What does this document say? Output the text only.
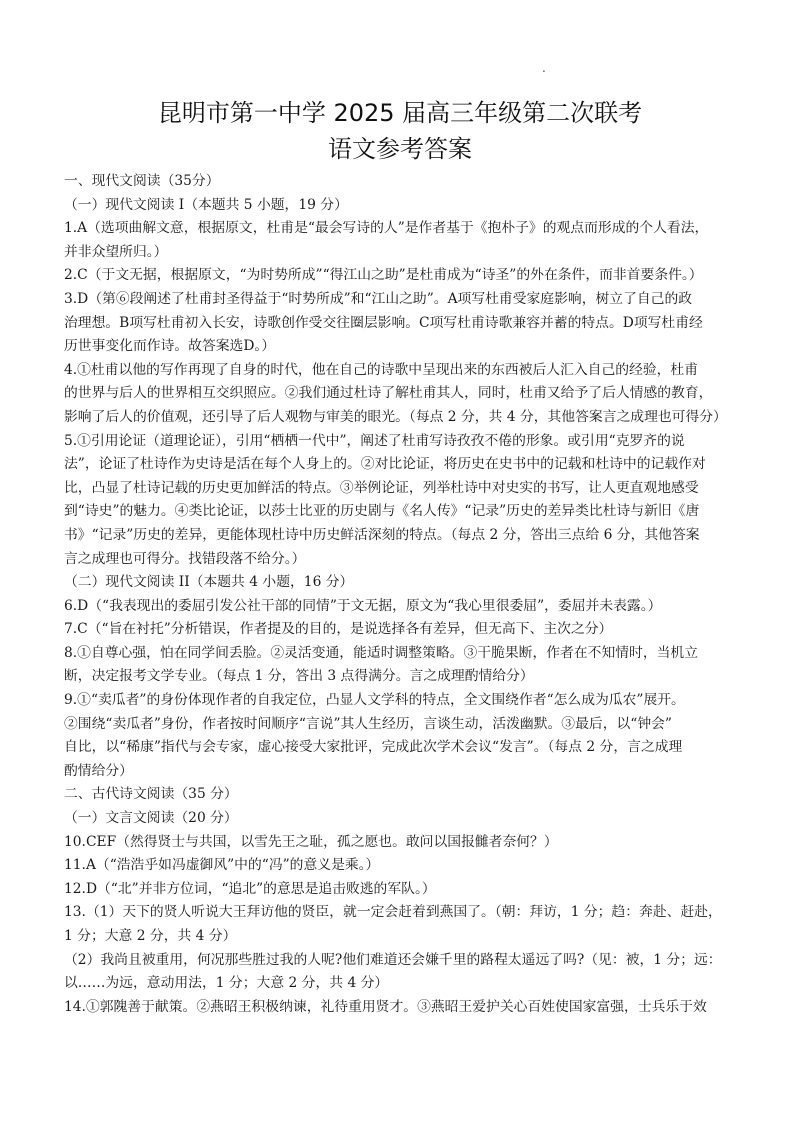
.
昆明市第一中学 2025 届高三年级第二次联考
语文参考答案
一、现代文阅读（35分）
（一）现代文阅读 I（本题共 5 小题，19 分）
1.A（选项曲解文意，根据原文，杜甫是“最会写诗的人”是作者基于《抱朴子》的观点而形成的个人看法，
并非众望所归。）
2.C（于文无据，根据原文，“为时势所成”“得江山之助”是杜甫成为“诗圣”的外在条件，而非首要条件。）
3.D（第⑥段阐述了杜甫封圣得益于“时势所成”和“江山之助”。A项写杜甫受家庭影响，树立了自己的政
治理想。B项写杜甫初入长安，诗歌创作受交往圈层影响。C项写杜甫诗歌兼容并蓄的特点。D项写杜甫经
历世事变化而作诗。故答案选D。）
4.①杜甫以他的写作再现了自身的时代，他在自己的诗歌中呈现出来的东西被后人汇入自己的经验，杜甫
的世界与后人的世界相互交织照应。②我们通过杜诗了解杜甫其人，同时，杜甫又给予了后人情感的教育，
影响了后人的价值观，还引导了后人观物与审美的眼光。（每点 2 分，共 4 分，其他答案言之成理也可得分）
5.①引用论证（道理论证），引用“栖栖一代中”，阐述了杜甫写诗孜孜不倦的形象。或引用“克罗齐的说
法”，论证了杜诗作为史诗是活在每个人身上的。②对比论证，将历史在史书中的记载和杜诗中的记载作对
比，凸显了杜诗记载的历史更加鲜活的特点。③举例论证，列举杜诗中对史实的书写，让人更直观地感受
到“诗史”的魅力。④类比论证，以莎士比亚的历史剧与《名人传》“记录”历史的差异类比杜诗与新旧《唐
书》“记录”历史的差异，更能体现杜诗中历史鲜活深刻的特点。（每点 2 分，答出三点给 6 分，其他答案
言之成理也可得分。找错段落不给分。）
（二）现代文阅读 II（本题共 4 小题，16 分）
6.D（“我表现出的委屈引发公社干部的同情”于文无据，原文为“我心里很委屈”，委屈并未表露。）
7.C（“旨在衬托”分析错误，作者提及的目的，是说选择各有差异，但无高下、主次之分）
8.①自尊心强，怕在同学间丢脸。②灵活变通，能适时调整策略。③干脆果断，作者在不知情时，当机立
断，决定报考文学专业。（每点 1 分，答出 3 点得满分。言之成理酌情给分）
9.①“卖瓜者”的身份体现作者的自我定位，凸显人文学科的特点，全文围绕作者“怎么成为瓜农”展开。
②围绕“卖瓜者”身份，作者按时间顺序“言说”其人生经历，言谈生动，活泼幽默。③最后，以“钟会”
自比，以“稀康”指代与会专家，虚心接受大家批评，完成此次学术会议“发言”。（每点 2 分，言之成理
酌情给分）
二、古代诗文阅读（35 分）
（一）文言文阅读（20 分）
10.CEF（然得贤士与共国，以雪先王之耻，孤之愿也。敢问以国报雠者奈何？）
11.A（“浩浩乎如冯虚御风”中的“冯”的意义是乘。）
12.D（“北”并非方位词，“追北”的意思是追击败逃的军队。）
13.（1）天下的贤人听说大王拜访他的贤臣，就一定会赶着到燕国了。（朝：拜访，1 分；趋：奔赴、赶赴，
1 分；大意 2 分，共 4 分）
（2）我尚且被重用，何况那些胜过我的人呢?他们难道还会嫌千里的路程太遥远了吗?（见：被，1 分；远：
以……为远，意动用法，1 分；大意 2 分，共 4 分）
14.①郭隗善于献策。②燕昭王积极纳谏，礼待重用贤才。③燕昭王爱护关心百姓使国家富强，士兵乐于效
